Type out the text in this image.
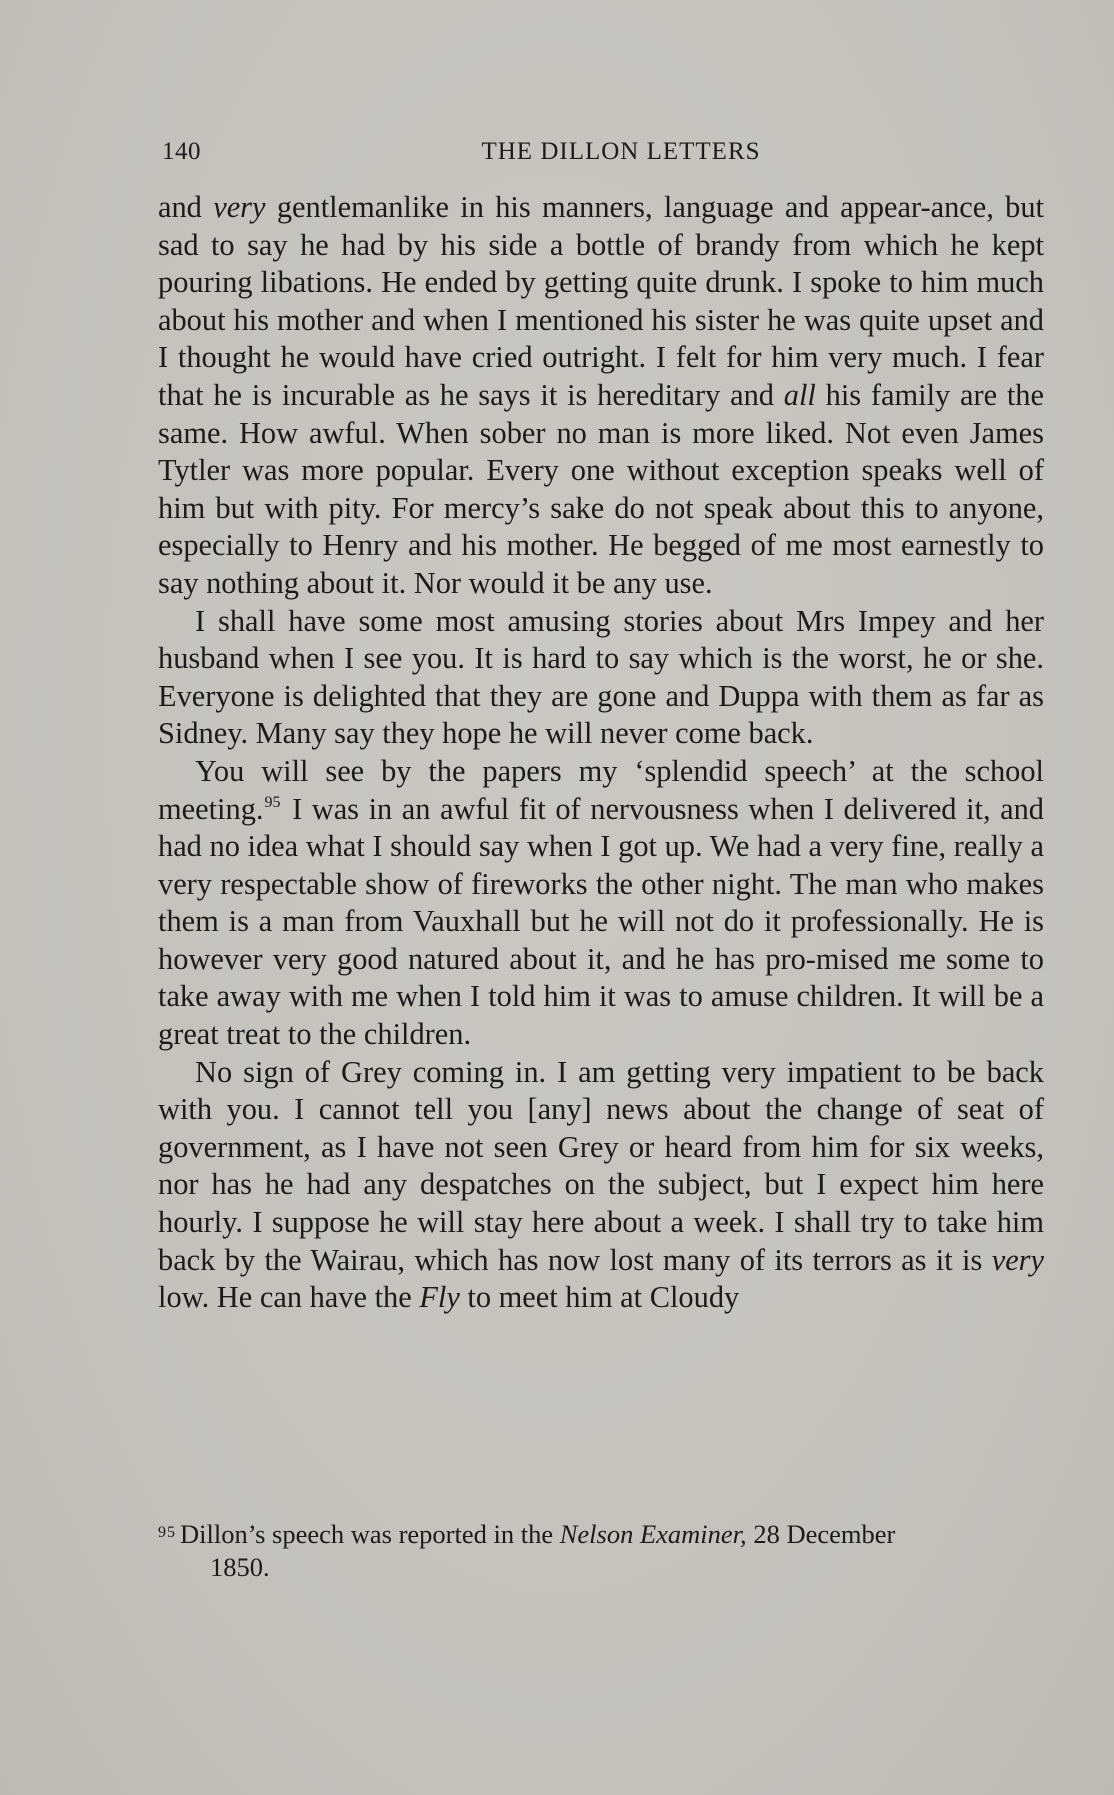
140	THE DILLON LETTERS

and very gentlemanlike in his manners, language and appear-ance, but sad to say he had by his side a bottle of brandy from which he kept pouring libations. He ended by getting quite drunk. I spoke to him much about his mother and when I mentioned his sister he was quite upset and I thought he would have cried outright. I felt for him very much. I fear that he is incurable as he says it is hereditary and all his family are the same. How awful. When sober no man is more liked. Not even James Tytler was more popular. Every one without exception speaks well of him but with pity. For mercy’s sake do not speak about this to anyone, especially to Henry and his mother. He begged of me most earnestly to say nothing about it. Nor would it be any use.

I shall have some most amusing stories about Mrs Impey and her husband when I see you. It is hard to say which is the worst, he or she. Everyone is delighted that they are gone and Duppa with them as far as Sidney. Many say they hope he will never come back.

You will see by the papers my ‘splendid speech’ at the school meeting.$^{95}$ I was in an awful fit of nervousness when I delivered it, and had no idea what I should say when I got up. We had a very fine, really a very respectable show of fireworks the other night. The man who makes them is a man from Vauxhall but he will not do it professionally. He is however very good natured about it, and he has pro-mised me some to take away with me when I told him it was to amuse children. It will be a great treat to the children.

No sign of Grey coming in. I am getting very impatient to be back with you. I cannot tell you [any] news about the change of seat of government, as I have not seen Grey or heard from him for six weeks, nor has he had any despatches on the subject, but I expect him here hourly. I suppose he will stay here about a week. I shall try to take him back by the Wairau, which has now lost many of its terrors as it is very low. He can have the Fly to meet him at Cloudy

$^{95}$ Dillon’s speech was reported in the Nelson Examiner, 28 December
1850.
